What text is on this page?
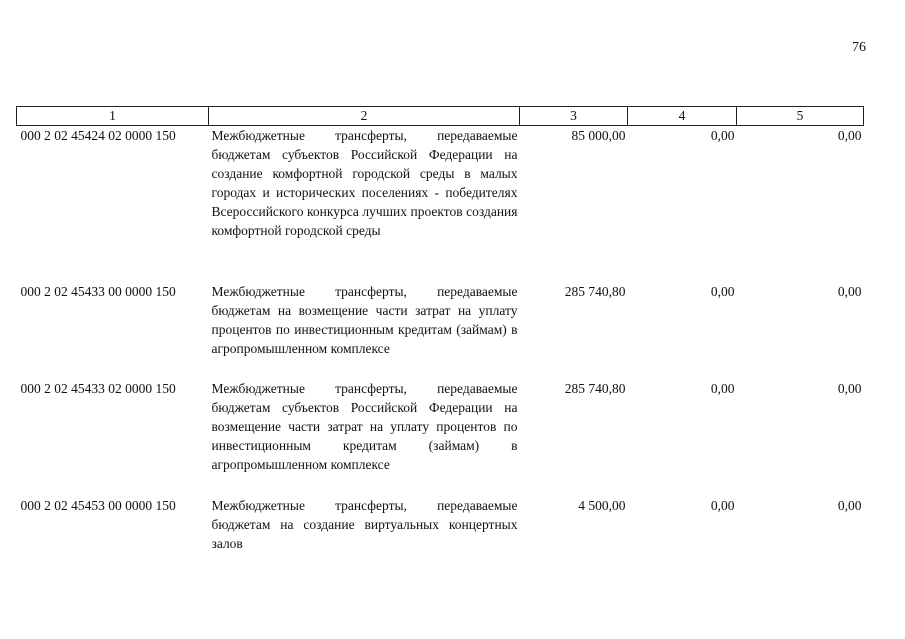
76
1	2	3	4	5
000 2 02 45424 02 0000 150	Межбюджетные трансферты, передаваемые бюджетам субъектов Российской Федерации на создание комфортной городской среды в малых городах и исторических поселениях - победителях Всероссийского конкурса лучших проектов создания комфортной городской среды	85 000,00	0,00	0,00
000 2 02 45433 00 0000 150	Межбюджетные трансферты, передаваемые бюджетам на возмещение части затрат на уплату процентов по инвестиционным кредитам (займам) в агропромышленном комплексе	285 740,80	0,00	0,00
000 2 02 45433 02 0000 150	Межбюджетные трансферты, передаваемые бюджетам субъектов Российской Федерации на возмещение части затрат на уплату процентов по инвестиционным кредитам (займам) в агропромышленном комплексе	285 740,80	0,00	0,00
000 2 02 45453 00 0000 150	Межбюджетные трансферты, передаваемые бюджетам на создание виртуальных концертных залов	4 500,00	0,00	0,00
